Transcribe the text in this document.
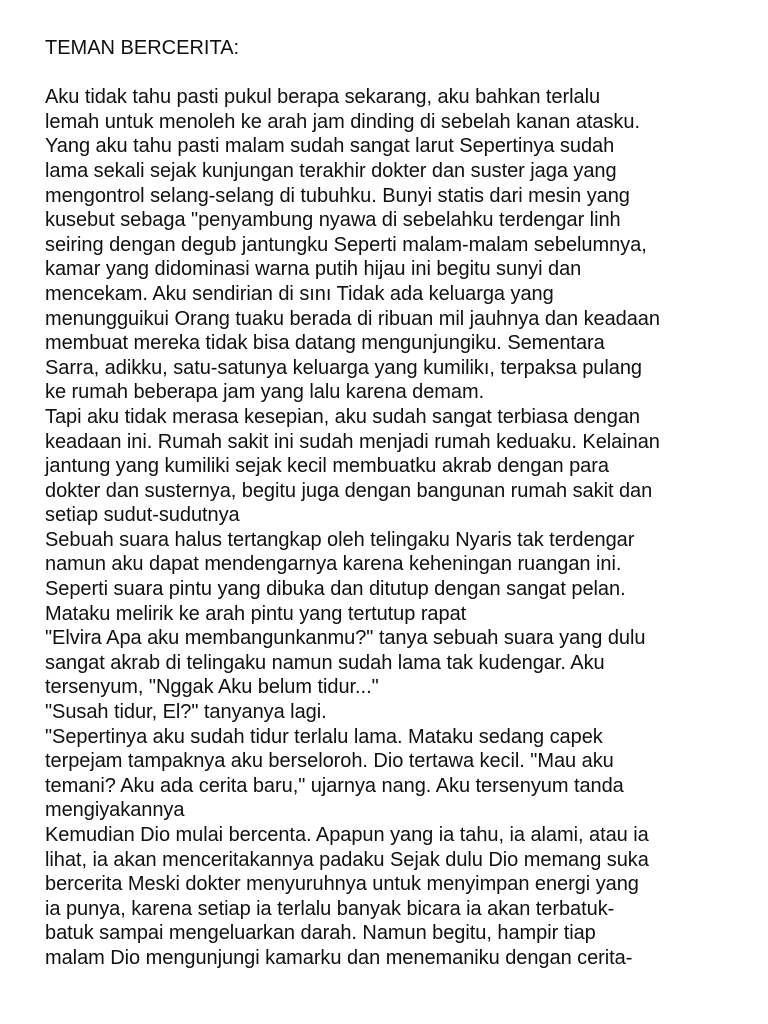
TEMAN BERCERITA:

Aku tidak tahu pasti pukul berapa sekarang, aku bahkan terlalu
lemah untuk menoleh ke arah jam dinding di sebelah kanan atasku.
Yang aku tahu pasti malam sudah sangat larut Sepertinya sudah
lama sekali sejak kunjungan terakhir dokter dan suster jaga yang
mengontrol selang-selang di tubuhku. Bunyi statis dari mesin yang
kusebut sebaga "penyambung nyawa di sebelahku terdengar linh
seiring dengan degub jantungku Seperti malam-malam sebelumnya,
kamar yang didominasi warna putih hijau ini begitu sunyi dan
mencekam. Aku sendirian di sını Tidak ada keluarga yang
menungguikui Orang tuaku berada di ribuan mil jauhnya dan keadaan
membuat mereka tidak bisa datang mengunjungiku. Sementara
Sarra, adikku, satu-satunya keluarga yang kumilikı, terpaksa pulang
ke rumah beberapa jam yang lalu karena demam.
Tapi aku tidak merasa kesepian, aku sudah sangat terbiasa dengan
keadaan ini. Rumah sakit ini sudah menjadi rumah keduaku. Kelainan
jantung yang kumiliki sejak kecil membuatku akrab dengan para
dokter dan susternya, begitu juga dengan bangunan rumah sakit dan
setiap sudut-sudutnya
Sebuah suara halus tertangkap oleh telingaku Nyaris tak terdengar
namun aku dapat mendengarnya karena keheningan ruangan ini.
Seperti suara pintu yang dibuka dan ditutup dengan sangat pelan.
Mataku melirik ke arah pintu yang tertutup rapat
"Elvira Apa aku membangunkanmu?" tanya sebuah suara yang dulu
sangat akrab di telingaku namun sudah lama tak kudengar. Aku
tersenyum, "Nggak Aku belum tidur..."
"Susah tidur, El?" tanyanya lagi.
"Sepertinya aku sudah tidur terlalu lama. Mataku sedang capek
terpejam tampaknya aku berseloroh. Dio tertawa kecil. "Mau aku
temani? Aku ada cerita baru," ujarnya nang. Aku tersenyum tanda
mengiyakannya
Kemudian Dio mulai bercenta. Apapun yang ia tahu, ia alami, atau ia
lihat, ia akan menceritakannya padaku Sejak dulu Dio memang suka
bercerita Meski dokter menyuruhnya untuk menyimpan energi yang
ia punya, karena setiap ia terlalu banyak bicara ia akan terbatuk-
batuk sampai mengeluarkan darah. Namun begitu, hampir tiap
malam Dio mengunjungi kamarku dan menemaniku dengan cerita-
